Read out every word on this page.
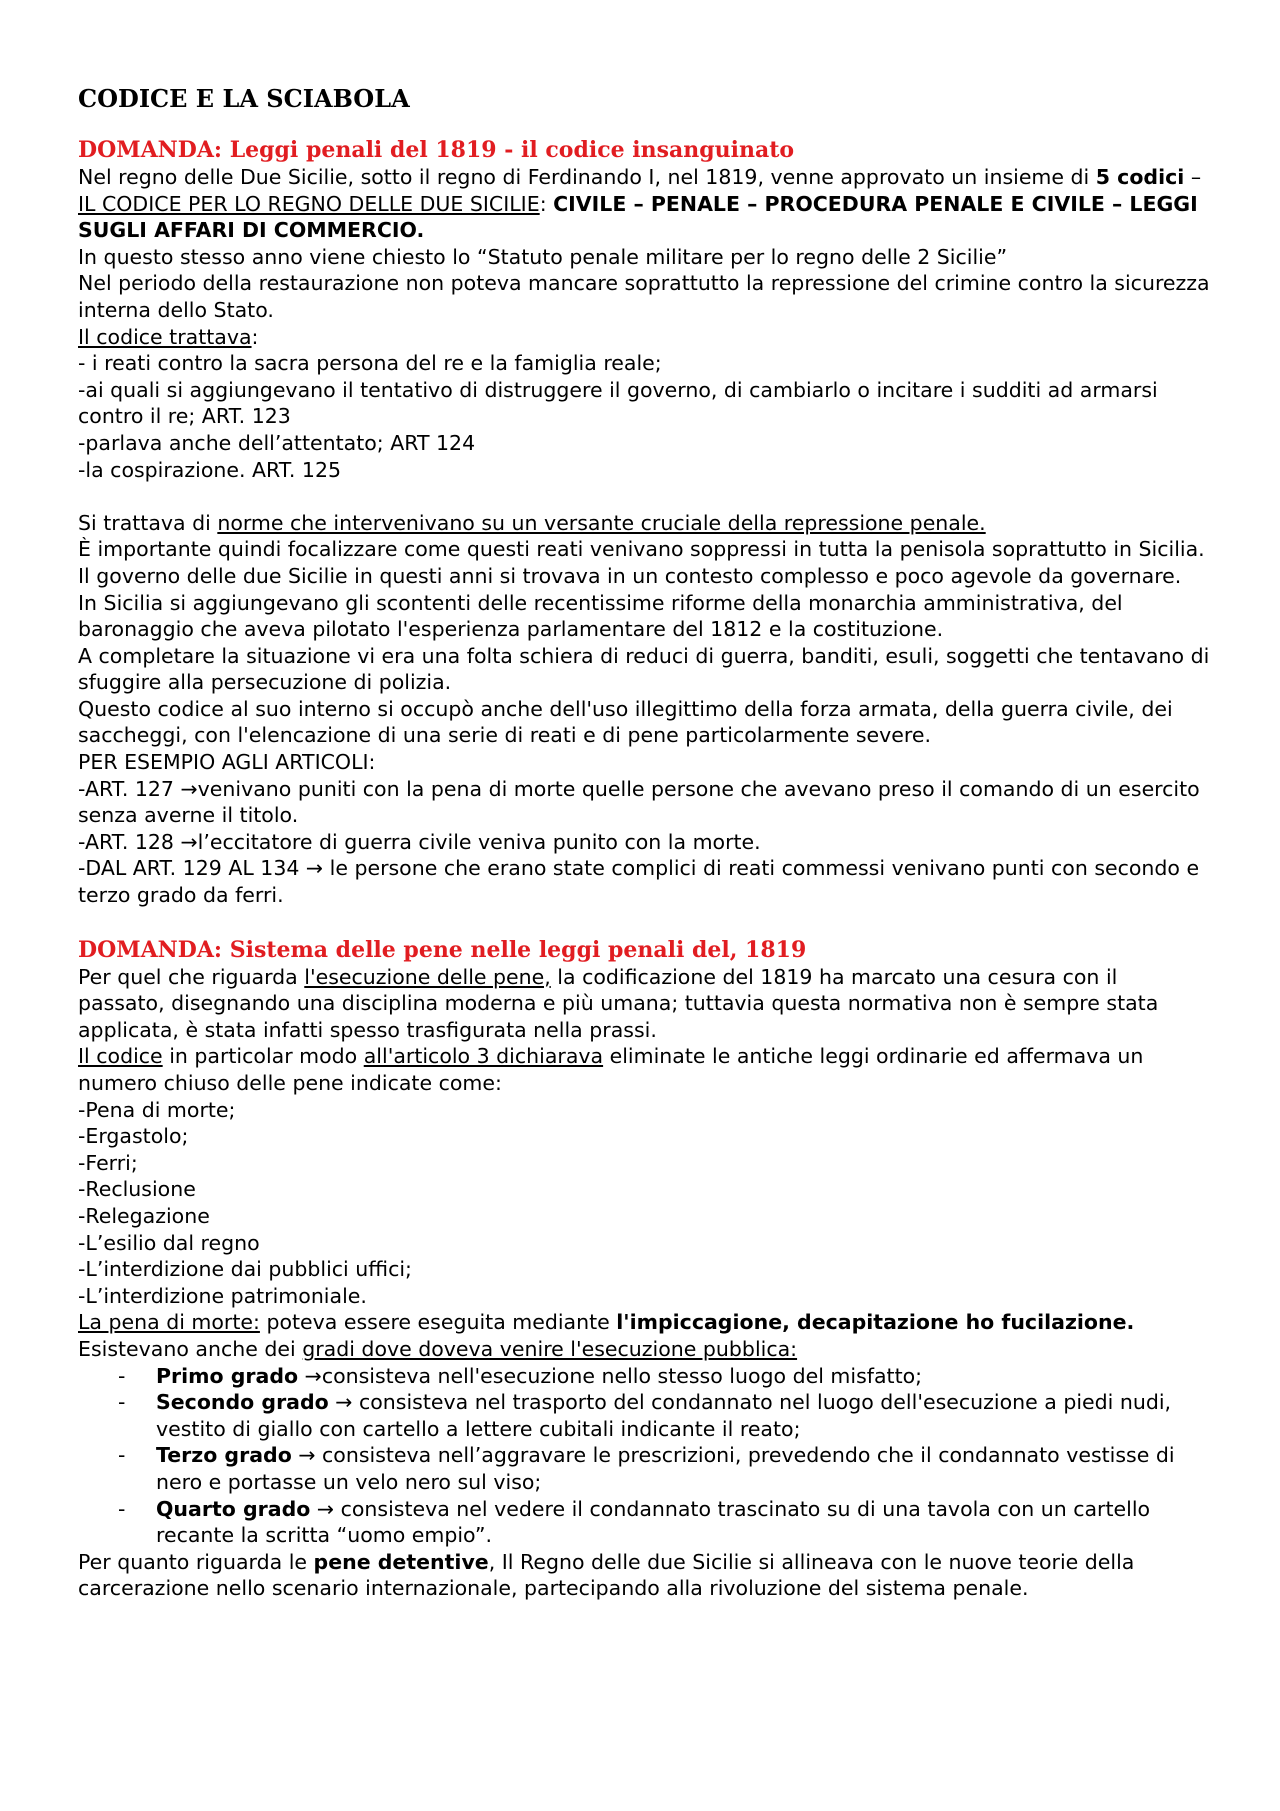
CODICE E LA SCIABOLA
DOMANDA: Leggi penali del 1819 - il codice insanguinato

Nel regno delle Due Sicilie, sotto il regno di Ferdinando I, nel 1819, venne approvato un insieme di 5 codici – IL CODICE PER LO REGNO DELLE DUE SICILIE: CIVILE – PENALE – PROCEDURA PENALE E CIVILE – LEGGI SUGLI AFFARI DI COMMERCIO.

In questo stesso anno viene chiesto lo “Statuto penale militare per lo regno delle 2 Sicilie”

Nel periodo della restaurazione non poteva mancare soprattutto la repressione del crimine contro la sicurezza interna dello Stato.

Il codice trattava:

- i reati contro la sacra persona del re e la famiglia reale;

-ai quali si aggiungevano il tentativo di distruggere il governo, di cambiarlo o incitare i sudditi ad armarsi contro il re; ART. 123

-parlava anche dell’attentato; ART 124

-la cospirazione. ART. 125

Si trattava di norme che intervenivano su un versante cruciale della repressione penale.

È importante quindi focalizzare come questi reati venivano soppressi in tutta la penisola soprattutto in Sicilia.

Il governo delle due Sicilie in questi anni si trovava in un contesto complesso e poco agevole da governare.

In Sicilia si aggiungevano gli scontenti delle recentissime riforme della monarchia amministrativa, del baronaggio che aveva pilotato l'esperienza parlamentare del 1812 e la costituzione.

A completare la situazione vi era una folta schiera di reduci di guerra, banditi, esuli, soggetti che tentavano di sfuggire alla persecuzione di polizia.

Questo codice al suo interno si occupò anche dell'uso illegittimo della forza armata, della guerra civile, dei saccheggi, con l'elencazione di una serie di reati e di pene particolarmente severe.

PER ESEMPIO AGLI ARTICOLI:

-ART. 127 →venivano puniti con la pena di morte quelle persone che avevano preso il comando di un esercito senza averne il titolo.

-ART. 128 →l’eccitatore di guerra civile veniva punito con la morte.

-DAL ART. 129 AL 134 → le persone che erano state complici di reati commessi venivano punti con secondo e terzo grado da ferri.

DOMANDA: Sistema delle pene nelle leggi penali del, 1819

Per quel che riguarda l'esecuzione delle pene, la codificazione del 1819 ha marcato una cesura con il passato, disegnando una disciplina moderna e più umana; tuttavia questa normativa non è sempre stata applicata, è stata infatti spesso trasfigurata nella prassi.

Il codice in particolar modo all'articolo 3 dichiarava eliminate le antiche leggi ordinarie ed affermava un numero chiuso delle pene indicate come:

-Pena di morte;

-Ergastolo;

-Ferri;

-Reclusione

-Relegazione

-L’esilio dal regno

-L’interdizione dai pubblici uffici;

-L’interdizione patrimoniale.

La pena di morte: poteva essere eseguita mediante l'impiccagione, decapitazione ho fucilazione.

Esistevano anche dei gradi dove doveva venire l'esecuzione pubblica:

- Primo grado →consisteva nell'esecuzione nello stesso luogo del misfatto;
- Secondo grado → consisteva nel trasporto del condannato nel luogo dell'esecuzione a piedi nudi, vestito di giallo con cartello a lettere cubitali indicante il reato;
- Terzo grado → consisteva nell’aggravare le prescrizioni, prevedendo che il condannato vestisse di nero e portasse un velo nero sul viso;
- Quarto grado → consisteva nel vedere il condannato trascinato su di una tavola con un cartello recante la scritta “uomo empio”.

Per quanto riguarda le pene detentive, Il Regno delle due Sicilie si allineava con le nuove teorie della carcerazione nello scenario internazionale, partecipando alla rivoluzione del sistema penale.
